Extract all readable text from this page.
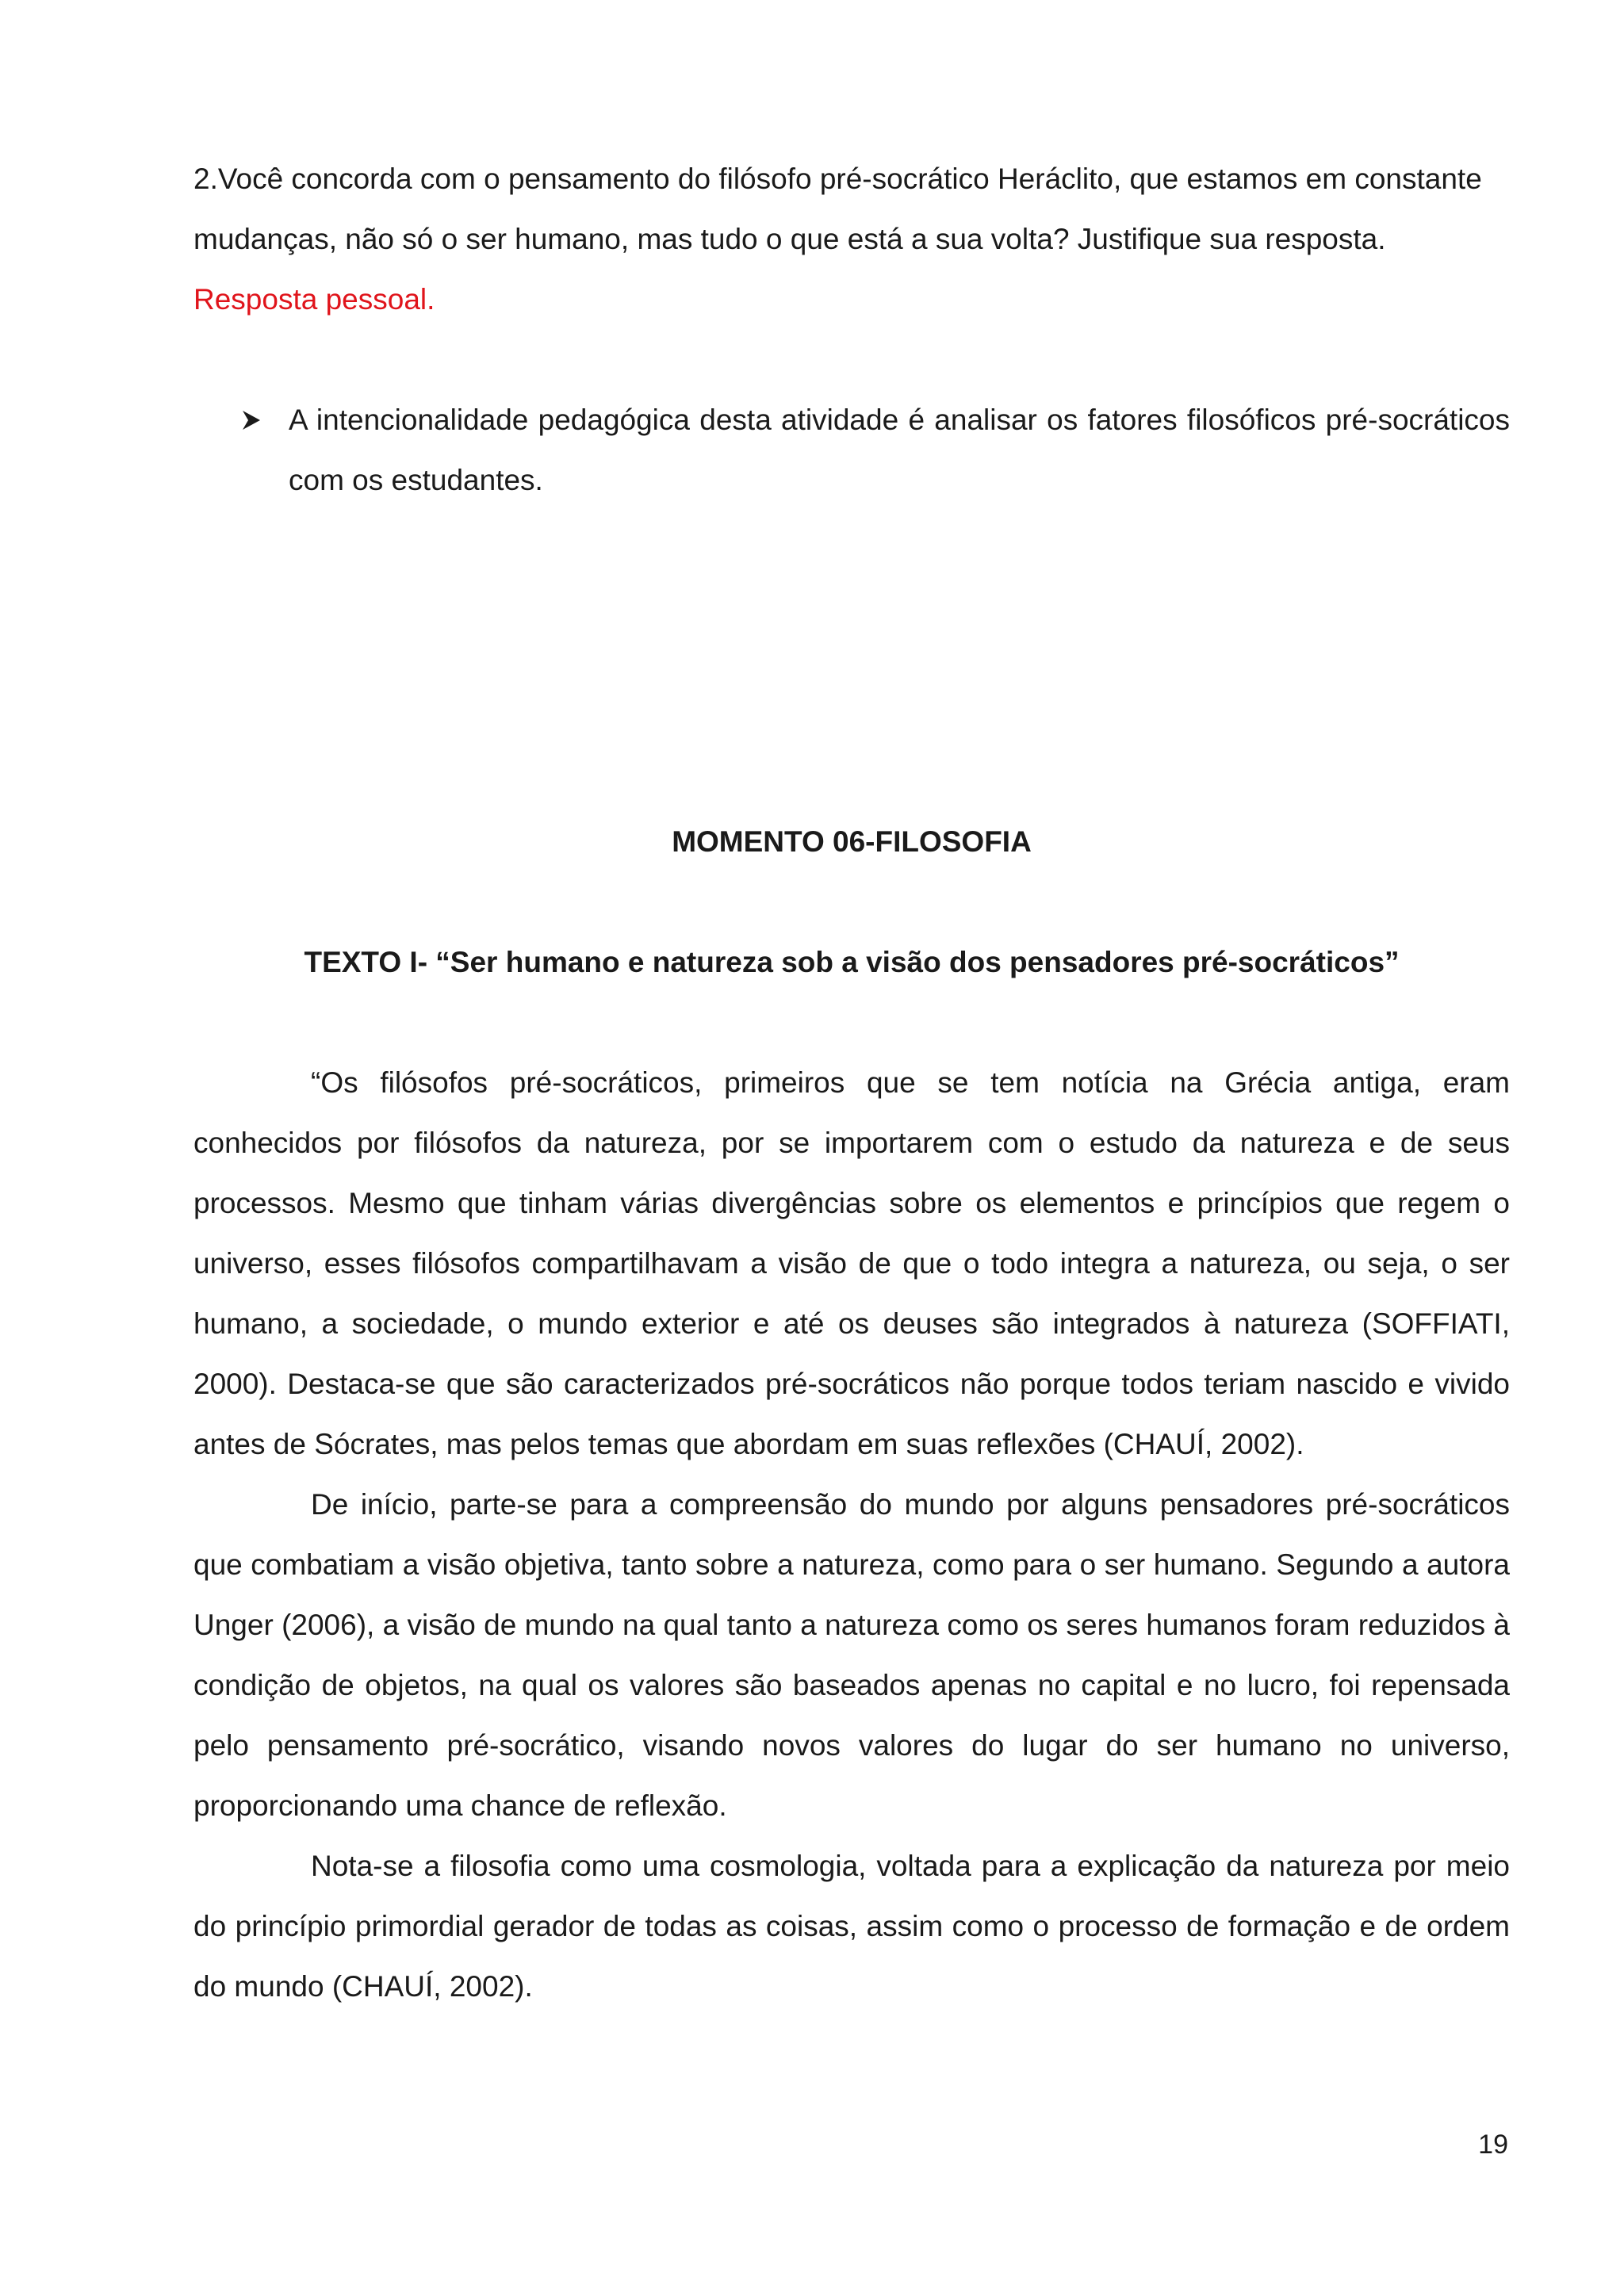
2.Você concorda com o pensamento do filósofo pré-socrático Heráclito, que estamos em constante mudanças, não só o ser humano, mas tudo o que está a sua volta? Justifique sua resposta.

Resposta pessoal.

A intencionalidade pedagógica desta atividade é analisar os fatores filosóficos pré-socráticos com os estudantes.

MOMENTO 06-FILOSOFIA

TEXTO I- “Ser humano e natureza sob a visão dos pensadores pré-socráticos”

“Os filósofos pré-socráticos, primeiros que se tem notícia na Grécia antiga, eram conhecidos por filósofos da natureza, por se importarem com o estudo da natureza e de seus processos. Mesmo que tinham várias divergências sobre os elementos e princípios que regem o universo, esses filósofos compartilhavam a visão de que o todo integra a natureza, ou seja, o ser humano, a sociedade, o mundo exterior e até os deuses são integrados à natureza (SOFFIATI, 2000). Destaca-se que são caracterizados pré-socráticos não porque todos teriam nascido e vivido antes de Sócrates, mas pelos temas que abordam em suas reflexões (CHAUÍ, 2002).

De início, parte-se para a compreensão do mundo por alguns pensadores pré-socráticos que combatiam a visão objetiva, tanto sobre a natureza, como para o ser humano. Segundo a autora Unger (2006), a visão de mundo na qual tanto a natureza como os seres humanos foram reduzidos à condição de objetos, na qual os valores são baseados apenas no capital e no lucro, foi repensada pelo pensamento pré-socrático, visando novos valores do lugar do ser humano no universo, proporcionando uma chance de reflexão.

Nota-se a filosofia como uma cosmologia, voltada para a explicação da natureza por meio do princípio primordial gerador de todas as coisas, assim como o processo de formação e de ordem do mundo (CHAUÍ, 2002).

19
